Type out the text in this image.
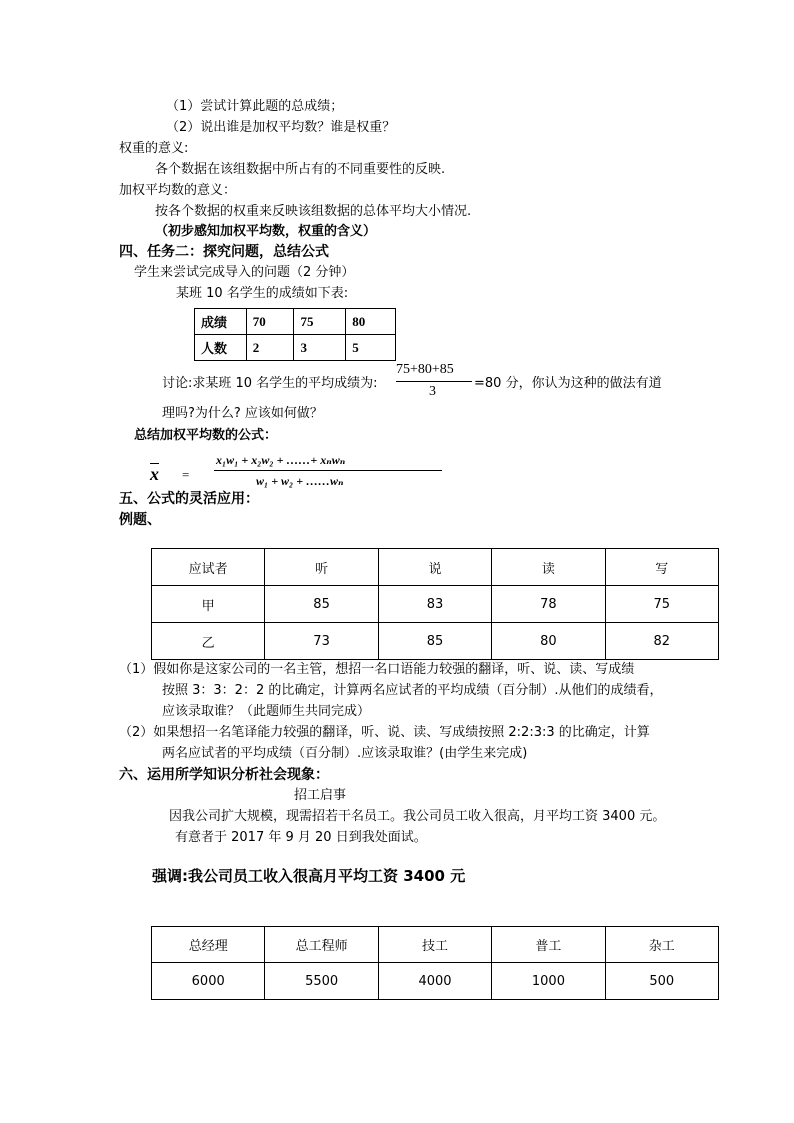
（1）尝试计算此题的总成绩；
（2）说出谁是加权平均数？谁是权重？
权重的意义:
各个数据在该组数据中所占有的不同重要性的反映.
加权平均数的意义：
按各个数据的权重来反映该组数据的总体平均大小情况.
（初步感知加权平均数，权重的含义）
四、任务二：探究问题，总结公式
学生来尝试完成导入的问题（2 分钟）
某班 10 名学生的成绩如下表:
成绩	70	75	80
人数	2	3	5
讨论:求某班 10 名学生的平均成绩为:
75+80+85
3
=80 分，你认为这种的做法有道
理吗?为什么? 应该如何做？
总结加权平均数的公式：
$\overline{x}$ =
x₁w₁ + x₂w₂ + ……+ xₙwₙ
w₁ + w₂ + ……wₙ
五、公式的灵活应用：
例题、
应试者	听	说	读	写
甲	85	83	78	75
乙	73	85	80	82
（1）假如你是这家公司的一名主管，想招一名口语能力较强的翻译，听、说、读、写成绩
按照 3：3：2：2 的比确定，计算两名应试者的平均成绩（百分制）.从他们的成绩看，
应该录取谁？（此题师生共同完成）
（2）如果想招一名笔译能力较强的翻译，听、说、读、写成绩按照 2:2:3:3 的比确定，计算
两名应试者的平均成绩（百分制）.应该录取谁？(由学生来完成)
六、运用所学知识分析社会现象：
招工启事
因我公司扩大规模，现需招若干名员工。我公司员工收入很高，月平均工资 3400 元。
有意者于 2017 年 9 月 20 日到我处面试。
强调:我公司员工收入很高月平均工资 3400 元
总经理	总工程师	技工	普工	杂工
6000	5500	4000	1000	500
